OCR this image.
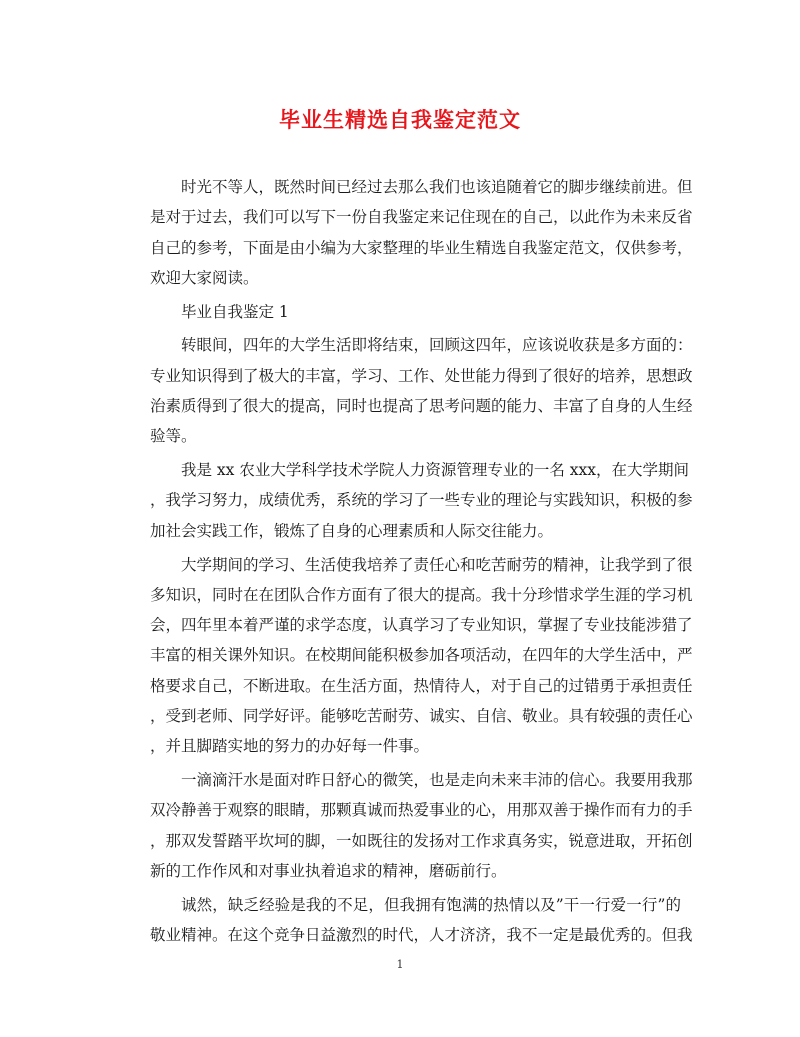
毕业生精选自我鉴定范文
时光不等人，既然时间已经过去那么我们也该追随着它的脚步继续前进。但
是对于过去，我们可以写下一份自我鉴定来记住现在的自己，以此作为未来反省
自己的参考，下面是由小编为大家整理的毕业生精选自我鉴定范文，仅供参考，
欢迎大家阅读。
毕业自我鉴定 1
转眼间，四年的大学生活即将结束，回顾这四年，应该说收获是多方面的：
专业知识得到了极大的丰富，学习、工作、处世能力得到了很好的培养，思想政
治素质得到了很大的提高，同时也提高了思考问题的能力、丰富了自身的人生经
验等。
我是 xx 农业大学科学技术学院人力资源管理专业的一名 xxx，在大学期间
，我学习努力，成绩优秀，系统的学习了一些专业的理论与实践知识，积极的参
加社会实践工作，锻炼了自身的心理素质和人际交往能力。
大学期间的学习、生活使我培养了责任心和吃苦耐劳的精神，让我学到了很
多知识，同时在在团队合作方面有了很大的提高。我十分珍惜求学生涯的学习机
会，四年里本着严谨的求学态度，认真学习了专业知识，掌握了专业技能涉猎了
丰富的相关课外知识。在校期间能积极参加各项活动，在四年的大学生活中，严
格要求自己，不断进取。在生活方面，热情待人，对于自己的过错勇于承担责任
，受到老师、同学好评。能够吃苦耐劳、诚实、自信、敬业。具有较强的责任心
，并且脚踏实地的努力的办好每一件事。
一滴滴汗水是面对昨日舒心的微笑，也是走向未来丰沛的信心。我要用我那
双冷静善于观察的眼睛，那颗真诚而热爱事业的心，用那双善于操作而有力的手
，那双发誓踏平坎坷的脚，一如既往的发扬对工作求真务实，锐意进取，开拓创
新的工作作风和对事业执着追求的精神，磨砺前行。
诚然，缺乏经验是我的不足，但我拥有饱满的热情以及”干一行爱一行”的
敬业精神。在这个竞争日益激烈的时代，人才济济，我不一定是最优秀的。但我
1
